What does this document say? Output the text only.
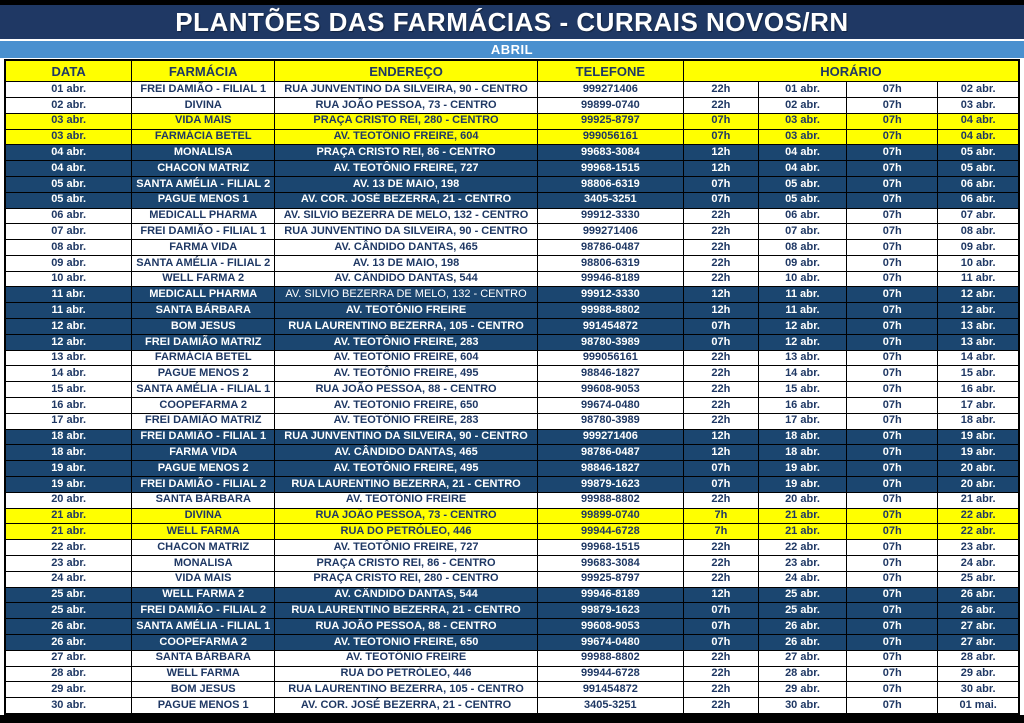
PLANTÕES DAS FARMÁCIAS - CURRAIS NOVOS/RN
ABRIL
DATA	FARMÁCIA	ENDEREÇO	TELEFONE	HORÁRIO			
01 abr.	FREI DAMIÃO - FILIAL 1	RUA JUNVENTINO DA SILVEIRA, 90 - CENTRO	999271406	22h	01 abr.	07h	02 abr.
02 abr.	DIVINA	RUA JOÃO PESSOA, 73 - CENTRO	99899-0740	22h	02 abr.	07h	03 abr.
03 abr.	VIDA MAIS	PRAÇA CRISTO REI, 280 - CENTRO	99925-8797	07h	03 abr.	07h	04 abr.
03 abr.	FARMÁCIA BETEL	AV. TEOTÔNIO FREIRE, 604	999056161	07h	03 abr.	07h	04 abr.
04 abr.	MONALISA	PRAÇA CRISTO REI, 86 - CENTRO	99683-3084	12h	04 abr.	07h	05 abr.
04 abr.	CHACON MATRIZ	AV. TEOTÔNIO FREIRE, 727	99968-1515	12h	04 abr.	07h	05 abr.
05 abr.	SANTA AMÉLIA - FILIAL 2	AV. 13 DE MAIO, 198	98806-6319	07h	05 abr.	07h	06 abr.
05 abr.	PAGUE MENOS 1	AV. COR. JOSÉ BEZERRA, 21 - CENTRO	3405-3251	07h	05 abr.	07h	06 abr.
06 abr.	MEDICALL PHARMA	AV. SILVIO BEZERRA DE MELO, 132 - CENTRO	99912-3330	22h	06 abr.	07h	07 abr.
07 abr.	FREI DAMIÃO - FILIAL 1	RUA JUNVENTINO DA SILVEIRA, 90 - CENTRO	999271406	22h	07 abr.	07h	08 abr.
08 abr.	FARMA VIDA	AV. CÂNDIDO DANTAS, 465	98786-0487	22h	08 abr.	07h	09 abr.
09 abr.	SANTA AMÉLIA - FILIAL 2	AV. 13 DE MAIO, 198	98806-6319	22h	09 abr.	07h	10 abr.
10 abr.	WELL FARMA 2	AV. CÂNDIDO DANTAS, 544	99946-8189	22h	10 abr.	07h	11 abr.
11 abr.	MEDICALL PHARMA	AV. SILVIO BEZERRA DE MELO, 132 - CENTRO	99912-3330	12h	11 abr.	07h	12 abr.
11 abr.	SANTA BÁRBARA	AV. TEOTÔNIO FREIRE	99988-8802	12h	11 abr.	07h	12 abr.
12 abr.	BOM JESUS	RUA LAURENTINO BEZERRA, 105 - CENTRO	991454872	07h	12 abr.	07h	13 abr.
12 abr.	FREI DAMIÃO MATRIZ	AV. TEOTÔNIO FREIRE, 283	98780-3989	07h	12 abr.	07h	13 abr.
13 abr.	FARMÁCIA BETEL	AV. TEOTÔNIO FREIRE, 604	999056161	22h	13 abr.	07h	14 abr.
14 abr.	PAGUE MENOS 2	AV. TEOTÔNIO FREIRE, 495	98846-1827	22h	14 abr.	07h	15 abr.
15 abr.	SANTA AMÉLIA - FILIAL 1	RUA JOÃO PESSOA, 88 - CENTRO	99608-9053	22h	15 abr.	07h	16 abr.
16 abr.	COOPEFARMA 2	AV. TEOTONIO FREIRE, 650	99674-0480	22h	16 abr.	07h	17 abr.
17 abr.	FREI DAMIÃO MATRIZ	AV. TEOTÔNIO FREIRE, 283	98780-3989	22h	17 abr.	07h	18 abr.
18 abr.	FREI DAMIÃO - FILIAL 1	RUA JUNVENTINO DA SILVEIRA, 90 - CENTRO	999271406	12h	18 abr.	07h	19 abr.
18 abr.	FARMA VIDA	AV. CÂNDIDO DANTAS, 465	98786-0487	12h	18 abr.	07h	19 abr.
19 abr.	PAGUE MENOS 2	AV. TEOTÔNIO FREIRE, 495	98846-1827	07h	19 abr.	07h	20 abr.
19 abr.	FREI DAMIÃO - FILIAL 2	RUA LAURENTINO BEZERRA, 21 - CENTRO	99879-1623	07h	19 abr.	07h	20 abr.
20 abr.	SANTA BÁRBARA	AV. TEOTÔNIO FREIRE	99988-8802	22h	20 abr.	07h	21 abr.
21 abr.	DIVINA	RUA JOÃO PESSOA, 73 - CENTRO	99899-0740	7h	21 abr.	07h	22 abr.
21 abr.	WELL FARMA	RUA DO PETRÓLEO, 446	99944-6728	7h	21 abr.	07h	22 abr.
22 abr.	CHACON MATRIZ	AV. TEOTÔNIO FREIRE, 727	99968-1515	22h	22 abr.	07h	23 abr.
23 abr.	MONALISA	PRAÇA CRISTO REI, 86 - CENTRO	99683-3084	22h	23 abr.	07h	24 abr.
24 abr.	VIDA MAIS	PRAÇA CRISTO REI, 280 - CENTRO	99925-8797	22h	24 abr.	07h	25 abr.
25 abr.	WELL FARMA 2	AV. CÂNDIDO DANTAS, 544	99946-8189	12h	25 abr.	07h	26 abr.
25 abr.	FREI DAMIÃO - FILIAL 2	RUA LAURENTINO BEZERRA, 21 - CENTRO	99879-1623	07h	25 abr.	07h	26 abr.
26 abr.	SANTA AMÉLIA - FILIAL 1	RUA JOÃO PESSOA, 88 - CENTRO	99608-9053	07h	26 abr.	07h	27 abr.
26 abr.	COOPEFARMA 2	AV. TEOTONIO FREIRE, 650	99674-0480	07h	26 abr.	07h	27 abr.
27 abr.	SANTA BÁRBARA	AV. TEOTÔNIO FREIRE	99988-8802	22h	27 abr.	07h	28 abr.
28 abr.	WELL FARMA	RUA DO PETRÓLEO, 446	99944-6728	22h	28 abr.	07h	29 abr.
29 abr.	BOM JESUS	RUA LAURENTINO BEZERRA, 105 - CENTRO	991454872	22h	29 abr.	07h	30 abr.
30 abr.	PAGUE MENOS 1	AV. COR. JOSÉ BEZERRA, 21 - CENTRO	3405-3251	22h	30 abr.	07h	01 mai.
